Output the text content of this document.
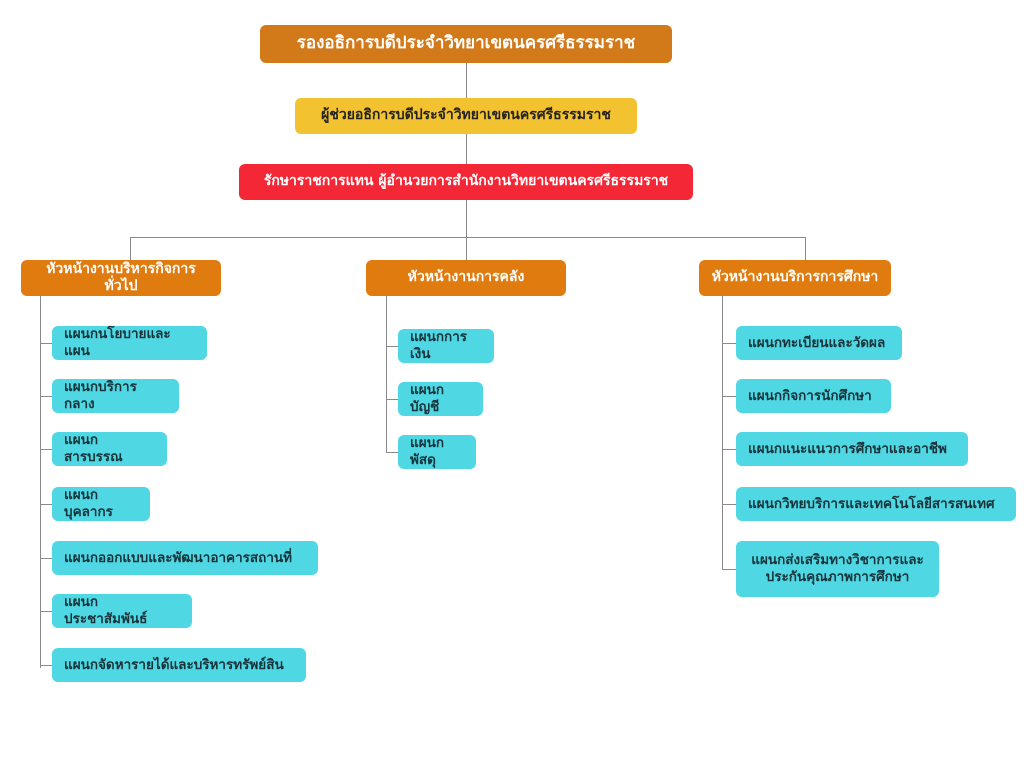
รองอธิการบดีประจำวิทยาเขตนครศรีธรรมราช
ผู้ช่วยอธิการบดีประจำวิทยาเขตนครศรีธรรมราช
รักษาราชการแทน ผู้อำนวยการสำนักงานวิทยาเขตนครศรีธรรมราช
หัวหน้างานบริหารกิจการทั่วไป
แผนกนโยบายและแผน
แผนกบริการกลาง
แผนกสารบรรณ
แผนกบุคลากร
แผนกออกแบบและพัฒนาอาคารสถานที่
แผนกประชาสัมพันธ์
แผนกจัดหารายได้และบริหารทรัพย์สิน
หัวหน้างานการคลัง
แผนกการเงิน
แผนกบัญชี
แผนกพัสดุ
หัวหน้างานบริการการศึกษา
แผนกทะเบียนและวัดผล
แผนกกิจการนักศึกษา
แผนกแนะแนวการศึกษาและอาชีพ
แผนกวิทยบริการและเทคโนโลยีสารสนเทศ
แผนกส่งเสริมทางวิชาการและประกันคุณภาพการศึกษา
